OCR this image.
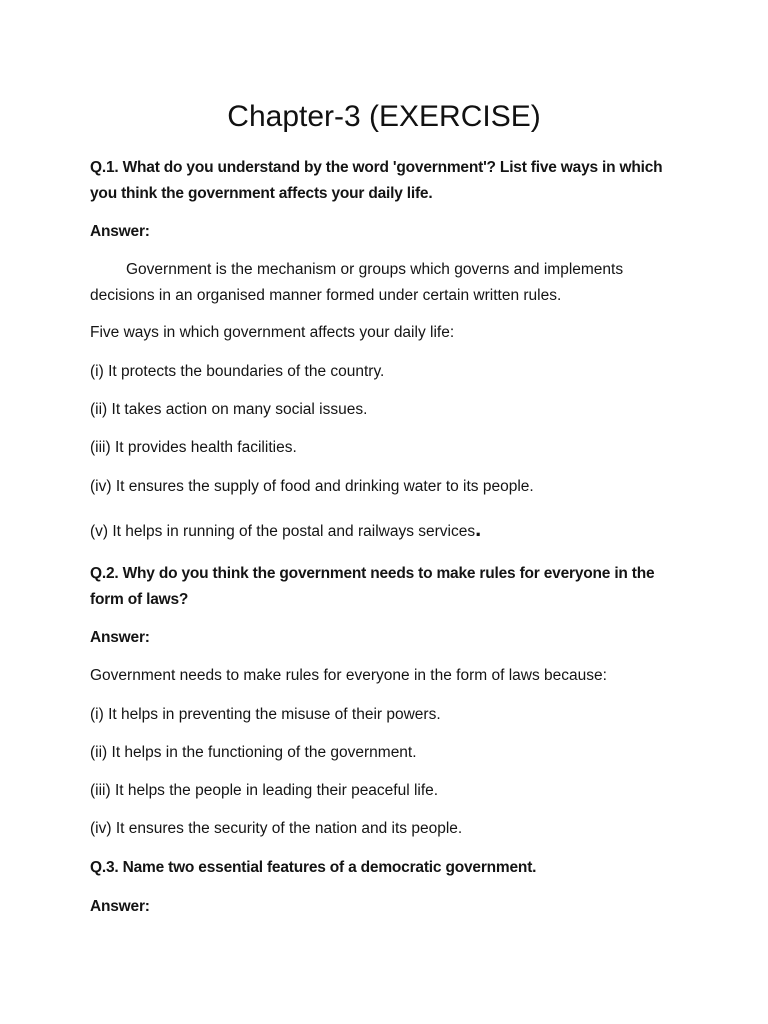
Chapter-3 (EXERCISE)
Q.1. What do you understand by the word 'government'? List five ways in which
you think the government affects your daily life.
Answer:
Government is the mechanism or groups which governs and implements
decisions in an organised manner formed under certain written rules.
Five ways in which government affects your daily life:
(i) It protects the boundaries of the country.
(ii) It takes action on many social issues.
(iii) It provides health facilities.
(iv) It ensures the supply of food and drinking water to its people.
(v) It helps in running of the postal and railways services.
Q.2. Why do you think the government needs to make rules for everyone in the
form of laws?
Answer:
Government needs to make rules for everyone in the form of laws because:
(i) It helps in preventing the misuse of their powers.
(ii) It helps in the functioning of the government.
(iii) It helps the people in leading their peaceful life.
(iv) It ensures the security of the nation and its people.
Q.3. Name two essential features of a democratic government.
Answer:
